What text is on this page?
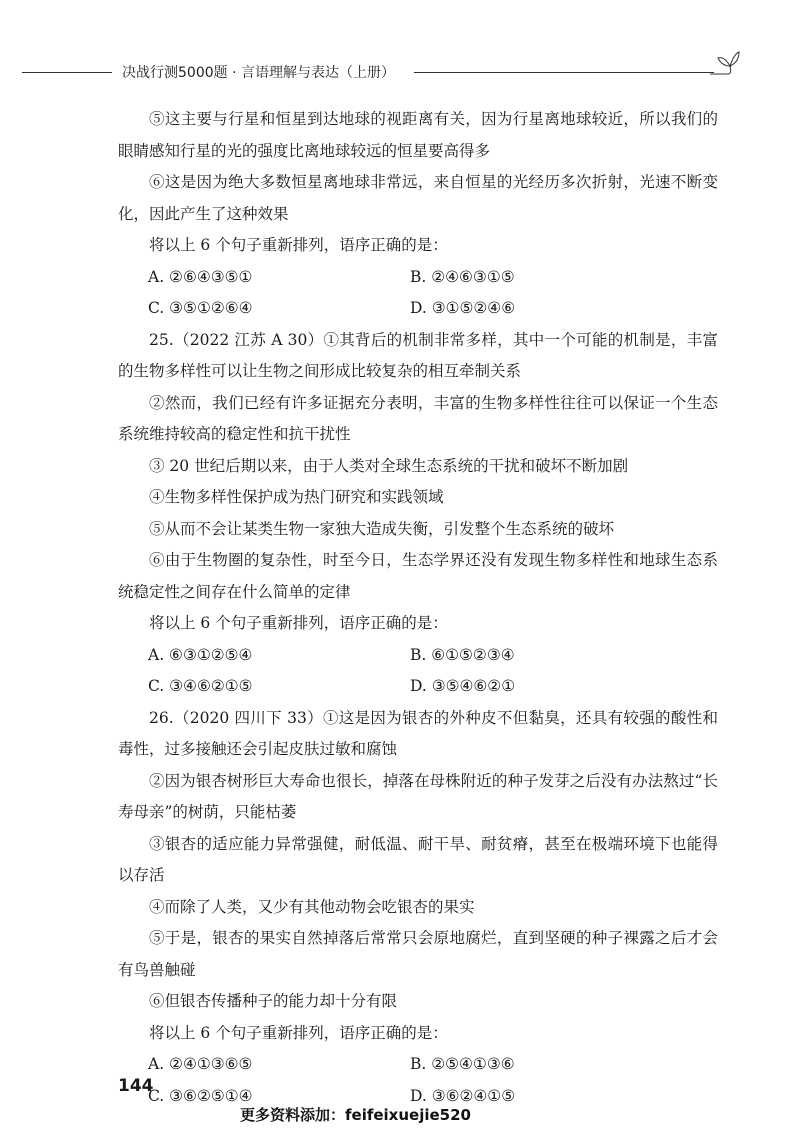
决战行测5000题 · 言语理解与表达（上册）

⑤这主要与行星和恒星到达地球的视距离有关，因为行星离地球较近，所以我们的眼睛感知行星的光的强度比离地球较远的恒星要高得多

⑥这是因为绝大多数恒星离地球非常远，来自恒星的光经历多次折射，光速不断变化，因此产生了这种效果

将以上 6 个句子重新排列，语序正确的是：

A. ②⑥④③⑤①	B. ②④⑥③①⑤
C. ③⑤①②⑥④	D. ③①⑤②④⑥

25.（2022 江苏 A 30）①其背后的机制非常多样，其中一个可能的机制是，丰富的生物多样性可以让生物之间形成比较复杂的相互牵制关系

②然而，我们已经有许多证据充分表明，丰富的生物多样性往往可以保证一个生态系统维持较高的稳定性和抗干扰性

③ 20 世纪后期以来，由于人类对全球生态系统的干扰和破坏不断加剧

④生物多样性保护成为热门研究和实践领域

⑤从而不会让某类生物一家独大造成失衡，引发整个生态系统的破坏

⑥由于生物圈的复杂性，时至今日，生态学界还没有发现生物多样性和地球生态系统稳定性之间存在什么简单的定律

将以上 6 个句子重新排列，语序正确的是：

A. ⑥③①②⑤④	B. ⑥①⑤②③④
C. ③④⑥②①⑤	D. ③⑤④⑥②①

26.（2020 四川下 33）①这是因为银杏的外种皮不但黏臭，还具有较强的酸性和毒性，过多接触还会引起皮肤过敏和腐蚀

②因为银杏树形巨大寿命也很长，掉落在母株附近的种子发芽之后没有办法熬过“长寿母亲”的树荫，只能枯萎

③银杏的适应能力异常强健，耐低温、耐干旱、耐贫瘠，甚至在极端环境下也能得以存活

④而除了人类，又少有其他动物会吃银杏的果实

⑤于是，银杏的果实自然掉落后常常只会原地腐烂，直到坚硬的种子裸露之后才会有鸟兽触碰

⑥但银杏传播种子的能力却十分有限

将以上 6 个句子重新排列，语序正确的是：

A. ②④①③⑥⑤	B. ②⑤④①③⑥
C. ③⑥②⑤①④	D. ③⑥②④①⑤
144
更多资料添加：feifeixuejie520
